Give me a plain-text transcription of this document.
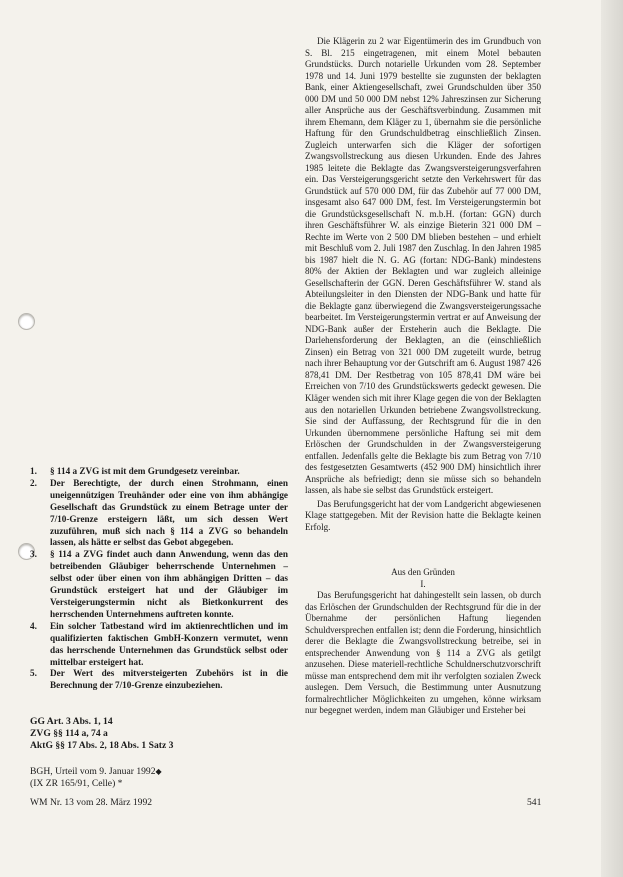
1. § 114 a ZVG ist mit dem Grundgesetz vereinbar.
2. Der Berechtigte, der durch einen Strohmann, einen uneigennützigen Treuhänder oder eine von ihm abhängige Gesellschaft das Grundstück zu einem Betrage unter der 7/10-Grenze ersteigern läßt, um sich dessen Wert zuzuführen, muß sich nach § 114 a ZVG so behandeln lassen, als hätte er selbst das Gebot abgegeben.
3. § 114 a ZVG findet auch dann Anwendung, wenn das den betreibenden Gläubiger beherrschende Unternehmen – selbst oder über einen von ihm abhängigen Dritten – das Grundstück ersteigert hat und der Gläubiger im Versteigerungstermin nicht als Bietkonkurrent des herrschenden Unternehmens auftreten konnte.
4. Ein solcher Tatbestand wird im aktienrechtlichen und im qualifizierten faktischen GmbH-Konzern vermutet, wenn das herrschende Unternehmen das Grundstück selbst oder mittelbar ersteigert hat.
5. Der Wert des mitversteigerten Zubehörs ist in die Berechnung der 7/10-Grenze einzubeziehen.
GG Art. 3 Abs. 1, 14
ZVG §§ 114 a, 74 a
AktG §§ 17 Abs. 2, 18 Abs. 1 Satz 3
BGH, Urteil vom 9. Januar 1992◆
(IX ZR 165/91, Celle) *
WM Nr. 13 vom 28. März 1992

Die Klägerin zu 2 war Eigentümerin des im Grundbuch von S. Bl. 215 eingetragenen, mit einem Motel bebauten Grundstücks. Durch notarielle Urkunden vom 28. September 1978 und 14. Juni 1979 bestellte sie zugunsten der beklagten Bank, einer Aktiengesellschaft, zwei Grundschulden über 350 000 DM und 50 000 DM nebst 12% Jahreszinsen zur Sicherung aller Ansprüche aus der Geschäftsverbindung. Zusammen mit ihrem Ehemann, dem Kläger zu 1, übernahm sie die persönliche Haftung für den Grundschuldbetrag einschließlich Zinsen. Zugleich unterwarfen sich die Kläger der sofortigen Zwangsvollstreckung aus diesen Urkunden. Ende des Jahres 1985 leitete die Beklagte das Zwangsversteigerungsverfahren ein. Das Versteigerungsgericht setzte den Verkehrswert für das Grundstück auf 570 000 DM, für das Zubehör auf 77 000 DM, insgesamt also 647 000 DM, fest. Im Versteigerungstermin bot die Grundstücksgesellschaft N. m.b.H. (fortan: GGN) durch ihren Geschäftsführer W. als einzige Bieterin 321 000 DM – Rechte im Werte von 2 500 DM blieben bestehen – und erhielt mit Beschluß vom 2. Juli 1987 den Zuschlag. In den Jahren 1985 bis 1987 hielt die N. G. AG (fortan: NDG-Bank) mindestens 80% der Aktien der Beklagten und war zugleich alleinige Gesellschafterin der GGN. Deren Geschäftsführer W. stand als Abteilungsleiter in den Diensten der NDG-Bank und hatte für die Beklagte ganz überwiegend die Zwangsversteigerungssache bearbeitet. Im Versteigerungstermin vertrat er auf Anweisung der NDG-Bank außer der Ersteherin auch die Beklagte. Die Darlehensforderung der Beklagten, an die (einschließlich Zinsen) ein Betrag von 321 000 DM zugeteilt wurde, betrug nach ihrer Behauptung vor der Gutschrift am 6. August 1987 426 878,41 DM. Der Restbetrag von 105 878,41 DM wäre bei Erreichen von 7/10 des Grundstückswerts gedeckt gewesen. Die Kläger wenden sich mit ihrer Klage gegen die von der Beklagten aus den notariellen Urkunden betriebene Zwangsvollstreckung. Sie sind der Auffassung, der Rechtsgrund für die in den Urkunden übernommene persönliche Haftung sei mit dem Erlöschen der Grundschulden in der Zwangsversteigerung entfallen. Jedenfalls gelte die Beklagte bis zum Betrag von 7/10 des festgesetzten Gesamtwerts (452 900 DM) hinsichtlich ihrer Ansprüche als befriedigt; denn sie müsse sich so behandeln lassen, als habe sie selbst das Grundstück ersteigert.

Das Berufungsgericht hat der vom Landgericht abgewiesenen Klage stattgegeben. Mit der Revision hatte die Beklagte keinen Erfolg.

Aus den Gründen

I.

Das Berufungsgericht hat dahingestellt sein lassen, ob durch das Erlöschen der Grundschulden der Rechtsgrund für die in der Übernahme der persönlichen Haftung liegenden Schuldversprechen entfallen ist; denn die Forderung, hinsichtlich derer die Beklagte die Zwangsvollstreckung betreibe, sei in entsprechender Anwendung von § 114 a ZVG als getilgt anzusehen. Diese materiell-rechtliche Schuldnerschutzvorschrift müsse man entsprechend dem mit ihr verfolgten sozialen Zweck auslegen. Dem Versuch, die Bestimmung unter Ausnutzung formalrechtlicher Möglichkeiten zu umgehen, könne wirksam nur begegnet werden, indem man Gläubiger und Ersteher bei

541
